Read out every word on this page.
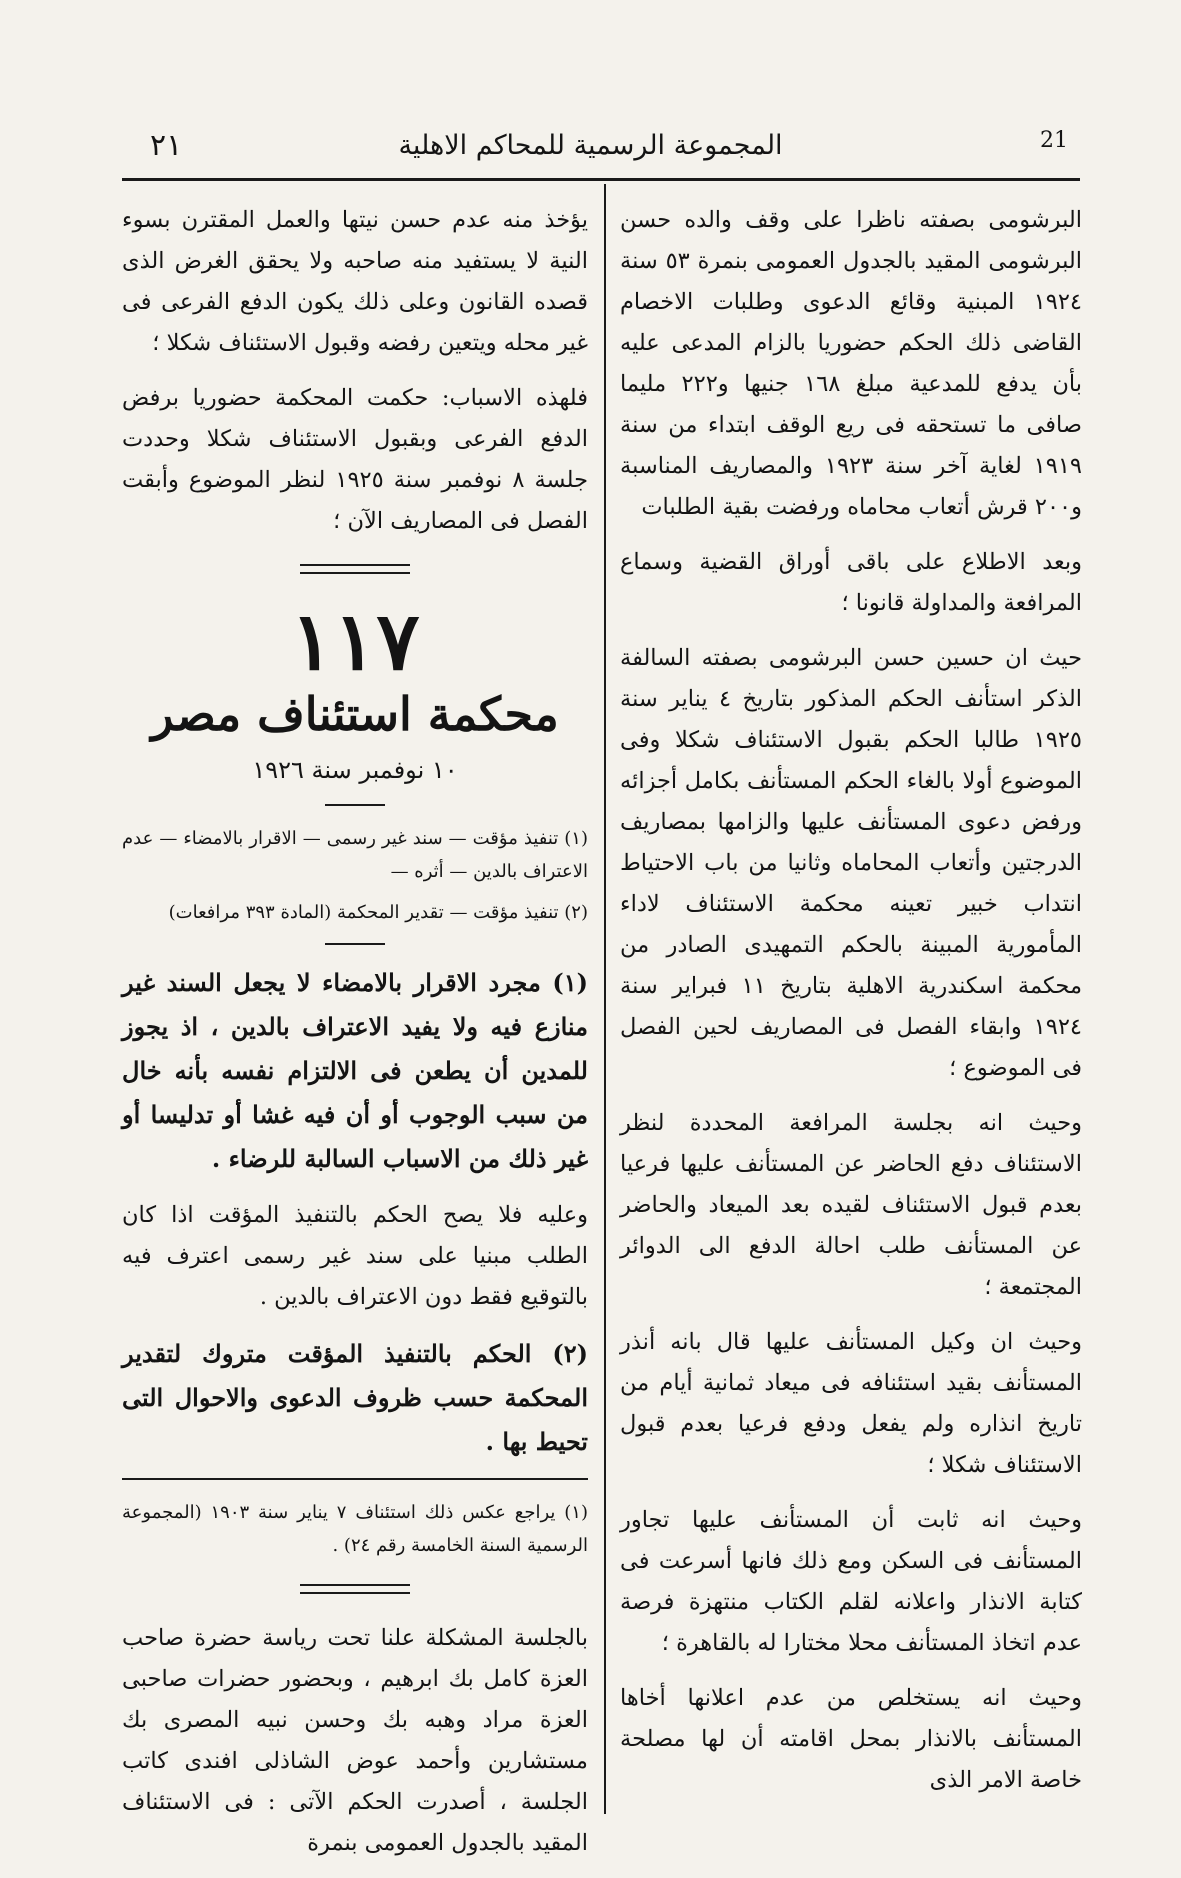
٢١	المجموعة الرسمية للمحاكم الاهلية	21

البرشومى بصفته ناظرا على وقف والده حسن البرشومى المقيد بالجدول العمومى بنمرة ٥٣ سنة ١٩٢٤ المبنية وقائع الدعوى وطلبات الاخصام القاضى ذلك الحكم حضوريا بالزام المدعى عليه بأن يدفع للمدعية مبلغ ١٦٨ جنيها و٢٢٢ مليما صافى ما تستحقه فى ريع الوقف ابتداء من سنة ١٩١٩ لغاية آخر سنة ١٩٢٣ والمصاريف المناسبة و٢٠٠ قرش أتعاب محاماه ورفضت بقية الطلبات

وبعد الاطلاع على باقى أوراق القضية وسماع المرافعة والمداولة قانونا ؛

حيث ان حسين حسن البرشومى بصفته السالفة الذكر استأنف الحكم المذكور بتاريخ ٤ يناير سنة ١٩٢٥ طالبا الحكم بقبول الاستئناف شكلا وفى الموضوع أولا بالغاء الحكم المستأنف بكامل أجزائه ورفض دعوى المستأنف عليها والزامها بمصاريف الدرجتين وأتعاب المحاماه وثانيا من باب الاحتياط انتداب خبير تعينه محكمة الاستئناف لاداء المأمورية المبينة بالحكم التمهيدى الصادر من محكمة اسكندرية الاهلية بتاريخ ١١ فبراير سنة ١٩٢٤ وابقاء الفصل فى المصاريف لحين الفصل فى الموضوع ؛

وحيث انه بجلسة المرافعة المحددة لنظر الاستئناف دفع الحاضر عن المستأنف عليها فرعيا بعدم قبول الاستئناف لقيده بعد الميعاد والحاضر عن المستأنف طلب احالة الدفع الى الدوائر المجتمعة ؛

وحيث ان وكيل المستأنف عليها قال بانه أنذر المستأنف بقيد استئنافه فى ميعاد ثمانية أيام من تاريخ انذاره ولم يفعل ودفع فرعيا بعدم قبول الاستئناف شكلا ؛

وحيث انه ثابت أن المستأنف عليها تجاور المستأنف فى السكن ومع ذلك فانها أسرعت فى كتابة الانذار واعلانه لقلم الكتاب منتهزة فرصة عدم اتخاذ المستأنف محلا مختارا له بالقاهرة ؛

وحيث انه يستخلص من عدم اعلانها أخاها المستأنف بالانذار بمحل اقامته أن لها مصلحة خاصة الامر الذى

يؤخذ منه عدم حسن نيتها والعمل المقترن بسوء النية لا يستفيد منه صاحبه ولا يحقق الغرض الذى قصده القانون وعلى ذلك يكون الدفع الفرعى فى غير محله ويتعين رفضه وقبول الاستئناف شكلا ؛

فلهذه الاسباب: حكمت المحكمة حضوريا برفض الدفع الفرعى وبقبول الاستئناف شكلا وحددت جلسة ٨ نوفمبر سنة ١٩٢٥ لنظر الموضوع وأبقت الفصل فى المصاريف الآن ؛

١١٧
محكمة استئناف مصر
١٠ نوفمبر سنة ١٩٢٦

(١) تنفيذ مؤقت — سند غير رسمى — الاقرار بالامضاء — عدم الاعتراف بالدين — أثره —

(٢) تنفيذ مؤقت — تقدير المحكمة (المادة ٣٩٣ مرافعات)

(١) مجرد الاقرار بالامضاء لا يجعل السند غير منازع فيه ولا يفيد الاعتراف بالدين ، اذ يجوز للمدين أن يطعن فى الالتزام نفسه بأنه خال من سبب الوجوب أو أن فيه غشا أو تدليسا أو غير ذلك من الاسباب السالبة للرضاء .

وعليه فلا يصح الحكم بالتنفيذ المؤقت اذا كان الطلب مبنيا على سند غير رسمى اعترف فيه بالتوقيع فقط دون الاعتراف بالدين .

(٢) الحكم بالتنفيذ المؤقت متروك لتقدير المحكمة حسب ظروف الدعوى والاحوال التى تحيط بها .

(١) يراجع عكس ذلك استئناف ٧ يناير سنة ١٩٠٣ (المجموعة الرسمية السنة الخامسة رقم ٢٤) .

بالجلسة المشكلة علنا تحت رياسة حضرة صاحب العزة كامل بك ابرهيم ، وبحضور حضرات صاحبى العزة مراد وهبه بك وحسن نبيه المصرى بك مستشارين وأحمد عوض الشاذلى افندى كاتب الجلسة ، أصدرت الحكم الآتى : فى الاستئناف المقيد بالجدول العمومى بنمرة
